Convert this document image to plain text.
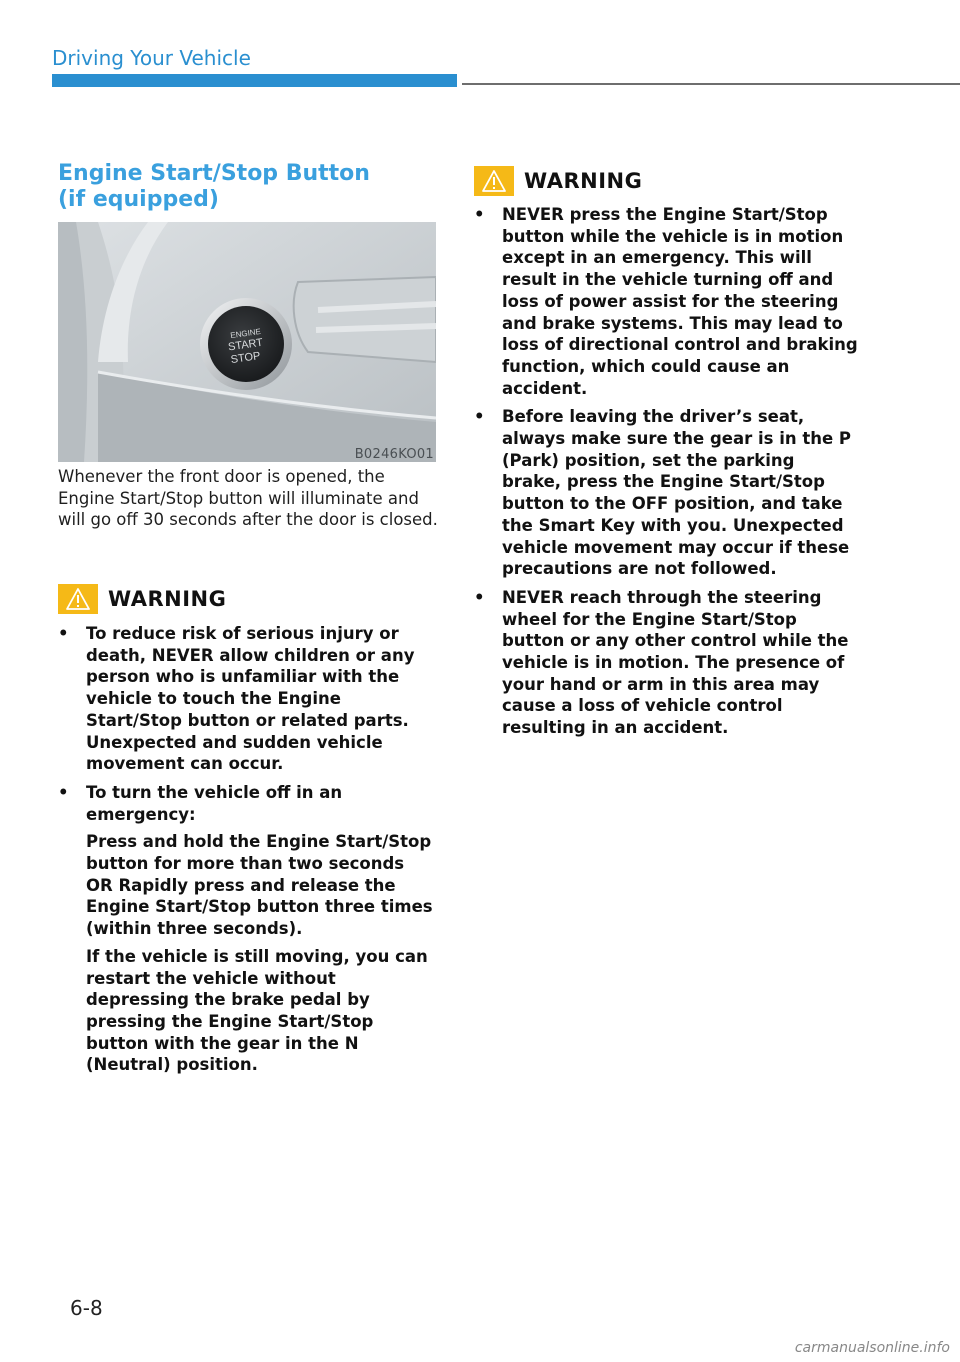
Driving Your Vehicle
Engine Start/Stop Button (if equipped)
ENGINE
START
STOP
B0246KO01

Whenever the front door is opened, the Engine Start/Stop button will illuminate and will go off 30 seconds after the door is closed.

WARNING
• To reduce risk of serious injury or death, NEVER allow children or any person who is unfamiliar with the vehicle to touch the Engine Start/Stop button or related parts. Unexpected and sudden vehicle movement can occur.

• To turn the vehicle off in an emergency:

Press and hold the Engine Start/Stop button for more than two seconds OR Rapidly press and release the Engine Start/Stop button three times (within three seconds).

If the vehicle is still moving, you can restart the vehicle without depressing the brake pedal by pressing the Engine Start/Stop button with the gear in the N (Neutral) position.

WARNING
• NEVER press the Engine Start/Stop button while the vehicle is in motion except in an emergency. This will result in the vehicle turning off and loss of power assist for the steering and brake systems. This may lead to loss of directional control and braking function, which could cause an accident.

• Before leaving the driver’s seat, always make sure the gear is in the P (Park) position, set the parking brake, press the Engine Start/Stop button to the OFF position, and take the Smart Key with you. Unexpected vehicle movement may occur if these precautions are not followed.

• NEVER reach through the steering wheel for the Engine Start/Stop button or any other control while the vehicle is in motion. The presence of your hand or arm in this area may cause a loss of vehicle control resulting in an accident.

6-8
carmanualsonline.info
